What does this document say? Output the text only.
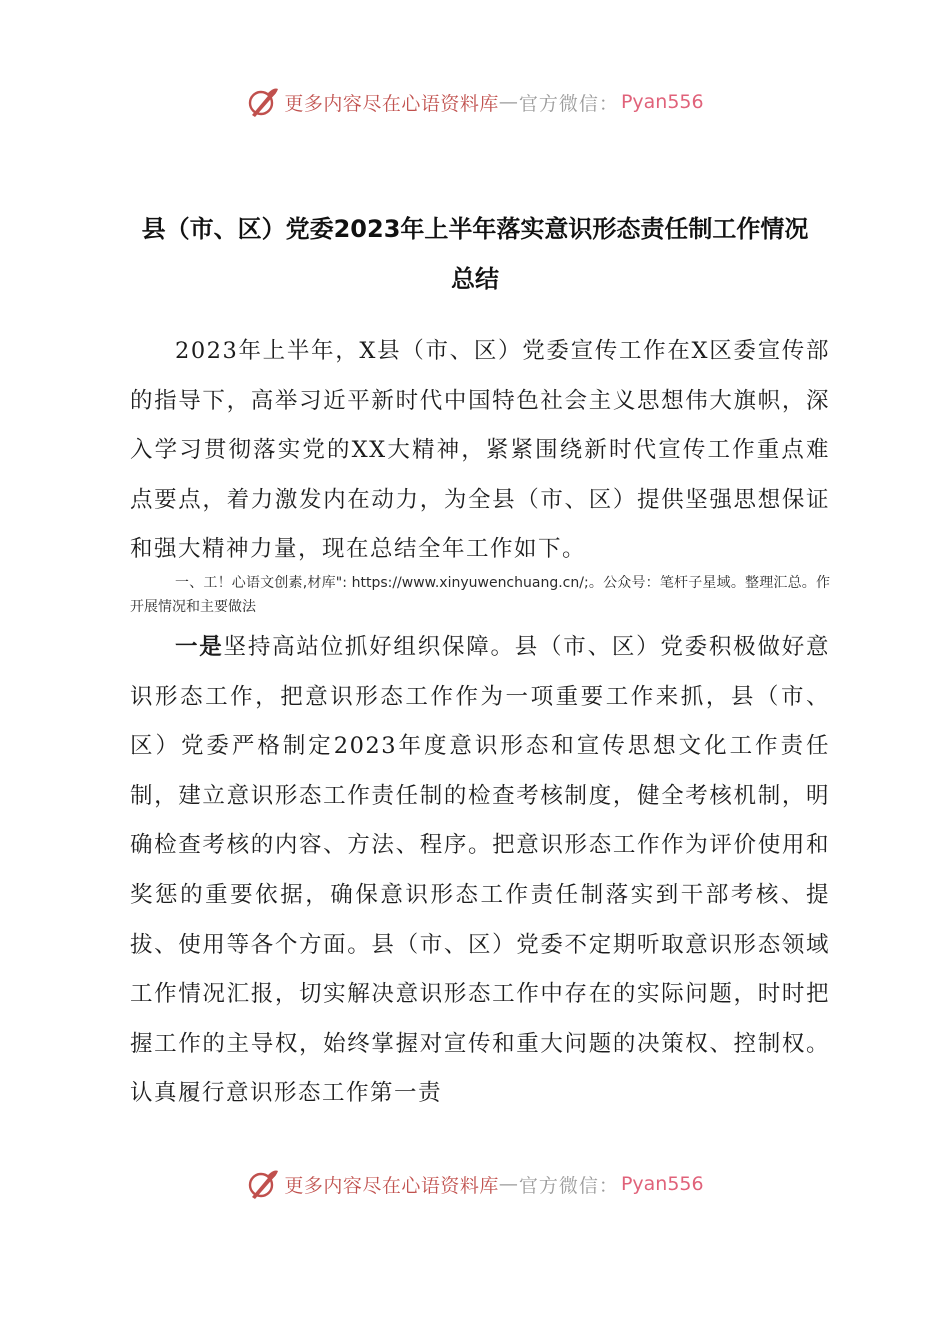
更多内容尽在心语资料库 — 官方微信： Pyan556
县（市、区）党委2023年上半年落实意识形态责任制工作情况
总结
2023年上半年，X县（市、区）党委宣传工作在X区委宣传部的指导下，高举习近平新时代中国特色社会主义思想伟大旗帜，深入学习贯彻落实党的XX大精神，紧紧围绕新时代宣传工作重点难点要点，着力激发内在动力，为全县（市、区）提供坚强思想保证和强大精神力量，现在总结全年工作如下。
一、工！心语文创素,材库": https://www.xinyuwenchuang.cn/;。公众号：笔杆子星域。整理汇总。作开展情况和主要做法
一是坚持高站位抓好组织保障。县（市、区）党委积极做好意识形态工作，把意识形态工作作为一项重要工作来抓，县（市、区）党委严格制定2023年度意识形态和宣传思想文化工作责任制，建立意识形态工作责任制的检查考核制度，健全考核机制，明确检查考核的内容、方法、程序。把意识形态工作作为评价使用和奖惩的重要依据，确保意识形态工作责任制落实到干部考核、提拔、使用等各个方面。县（市、区）党委不定期听取意识形态领域工作情况汇报，切实解决意识形态工作中存在的实际问题，时时把握工作的主导权，始终掌握对宣传和重大问题的决策权、控制权。认真履行意识形态工作第一责
更多内容尽在心语资料库 — 官方微信： Pyan556
